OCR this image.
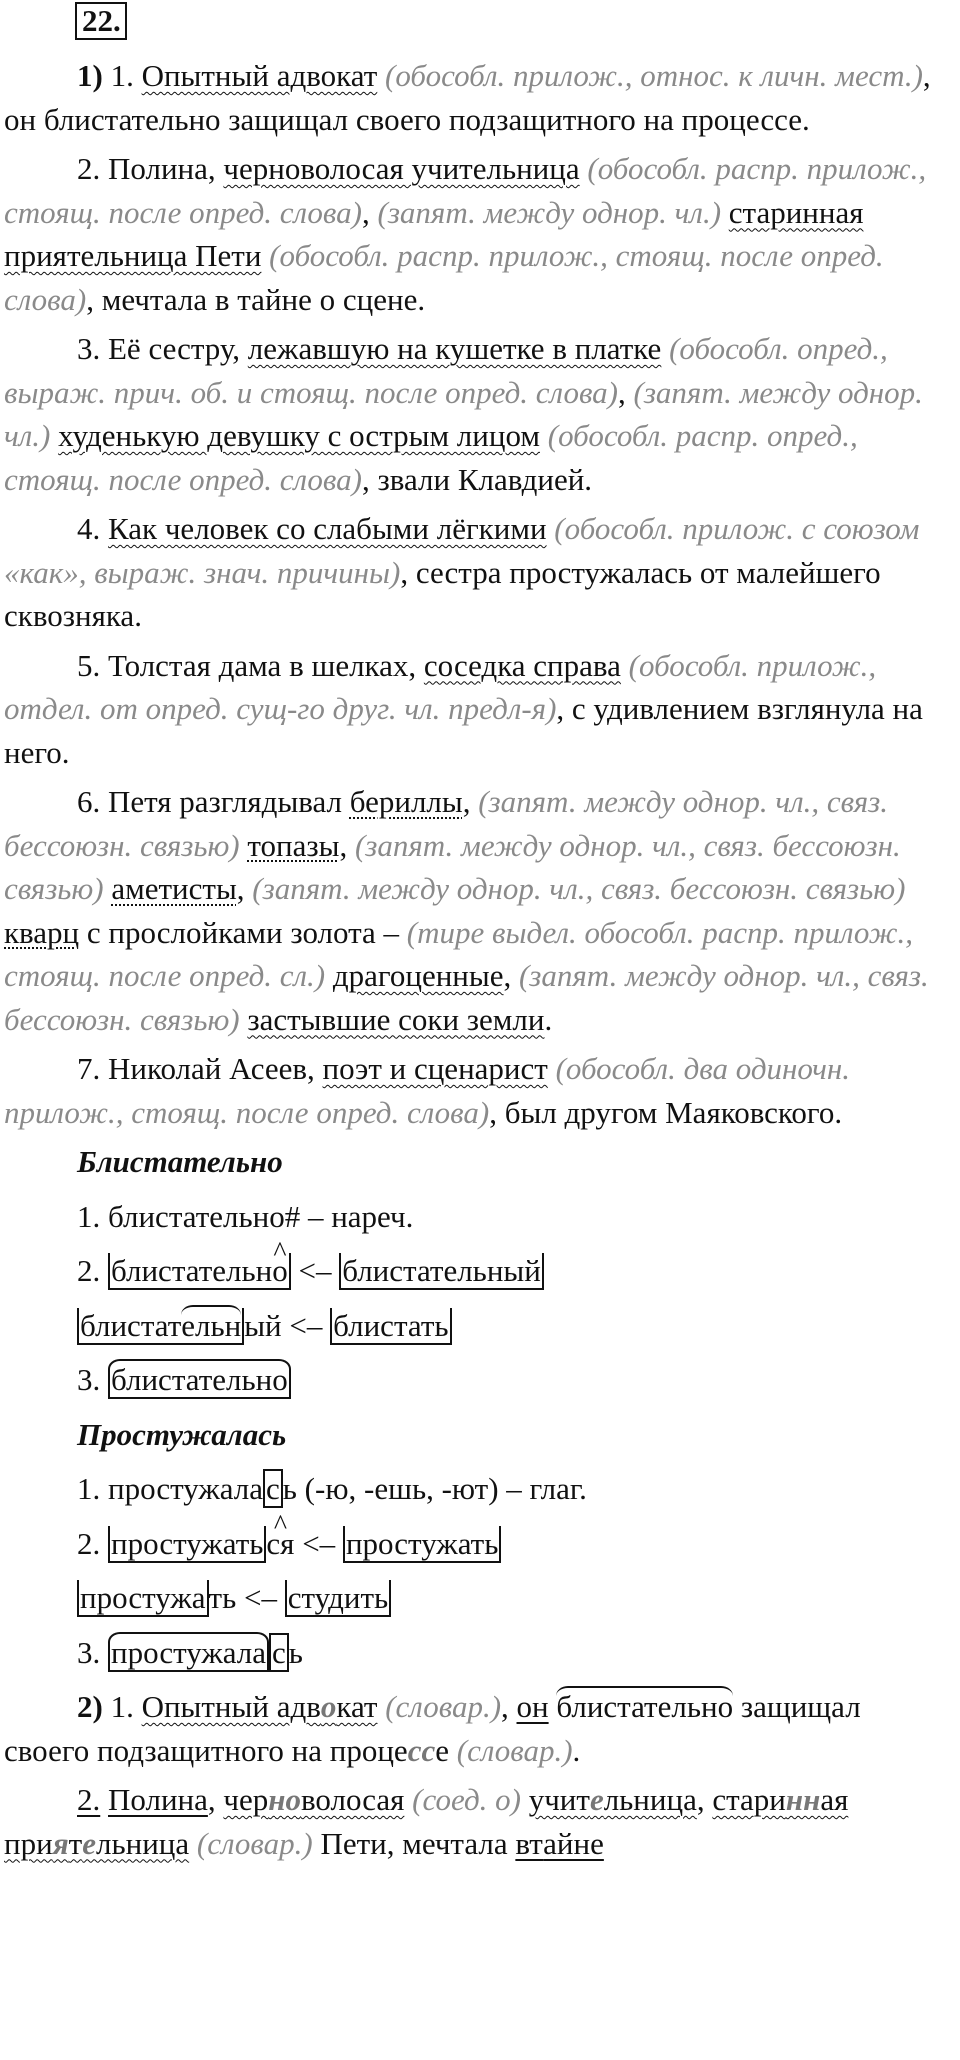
22.

1) 1. Опытный адвокат (обособл. прилож., относ. к личн. мест.), он блистательно защищал своего подзащитного на процессе.

2. Полина, черноволосая учительница (обособл. распр. прилож., стоящ. после опред. слова), (запят. между однор. чл.) старинная приятельница Пети (обособл. распр. прилож., стоящ. после опред. слова), мечтала в тайне о сцене.

3. Её сестру, лежавшую на кушетке в платке (обособл. опред., выраж. прич. об. и стоящ. после опред. слова), (запят. между однор. чл.) худенькую девушку с острым лицом (обособл. распр. опред., стоящ. после опред. слова), звали Клавдией.

4. Как человек со слабыми лёгкими (обособл. прилож. с союзом «как», выраж. знач. причины), сестра простужалась от малейшего сквозняка.

5. Толстая дама в шелках, соседка справа (обособл. прилож., отдел. от опред. сущ-го друг. чл. предл-я), с удивлением взглянула на него.

6. Петя разглядывал бериллы, (запят. между однор. чл., связ. бессоюзн. связью) топазы, (запят. между однор. чл., связ. бессоюзн. связью) аметисты, (запят. между однор. чл., связ. бессоюзн. связью) кварц с прослойками золота – (тире выдел. обособл. распр. прилож., стоящ. после опред. сл.) драгоценные, (запят. между однор. чл., связ. бессоюзн. связью) застывшие соки земли.

7. Николай Асеев, поэт и сценарист (обособл. два одиночн. прилож., стоящ. после опред. слова), был другом Маяковского.

Блистательно
1. блистательно# – нареч.
2. блистательн^ о <– блистательный
блистательный <– блистать
3. блистательно
Простужалась
1. простужалась (-ю, -ешь, -ют) – глаг.
2. простужать^ ся <– простужать
простужать <– студить
3. простужала сь

2) 1. Опытный адвокат (словар.), он блистательно защищал своего подзащитного на процессе (словар.).

2. Полина, черноволосая (соед. о) учительница, старинная приятельница (словар.) Пети, мечтала втайне
